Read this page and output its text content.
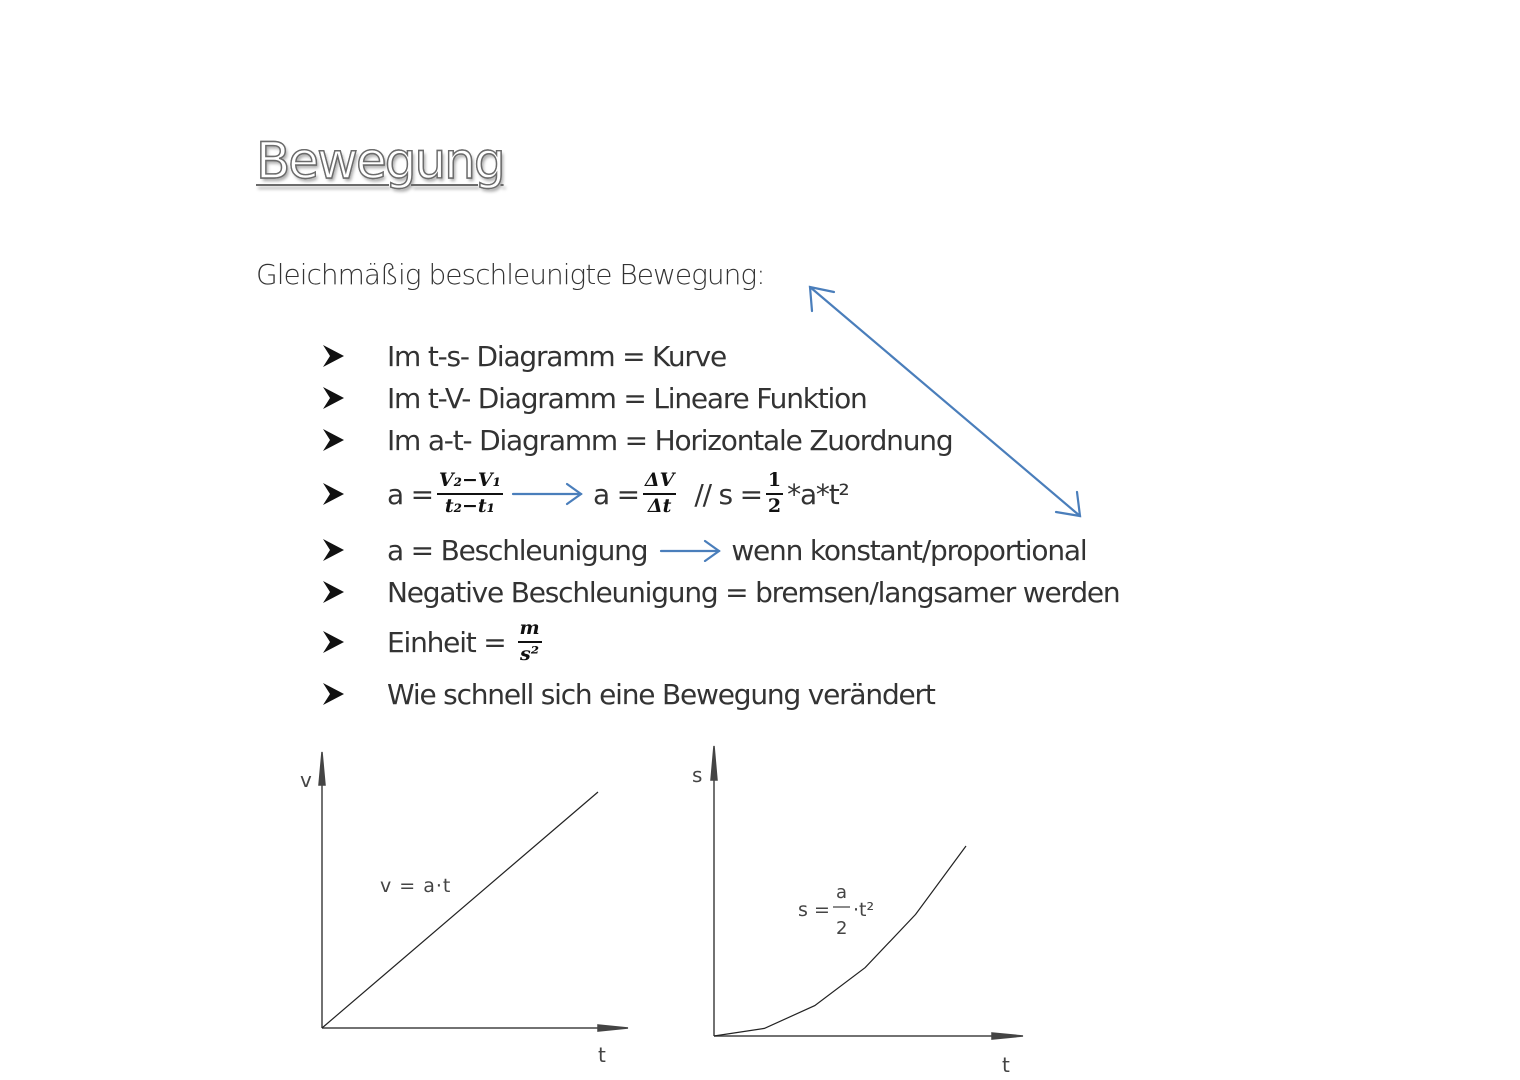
Bewegung

Gleichmäßig beschleunigte Bewegung:

Im t-s- Diagramm = Kurve
Im t-V- Diagramm = Lineare Funktion
Im a-t- Diagramm = Horizontale Zuordnung
$a = \frac{\text{V₂−V₁}}{\text{t₂−t₁}}$	$a = \frac{\Delta V}{\Delta t} // s = \frac{1}{2} *a*t^2$
a = Beschleunigung	wenn konstant/proportional
Negative Beschleunigung = bremsen/langsamer werden
Einheit = $\frac{m}{\text{s²}}$
Wie schnell sich eine Bewegung verändert
v
t
v = a·t
s
t
s =
a
2
·t²
